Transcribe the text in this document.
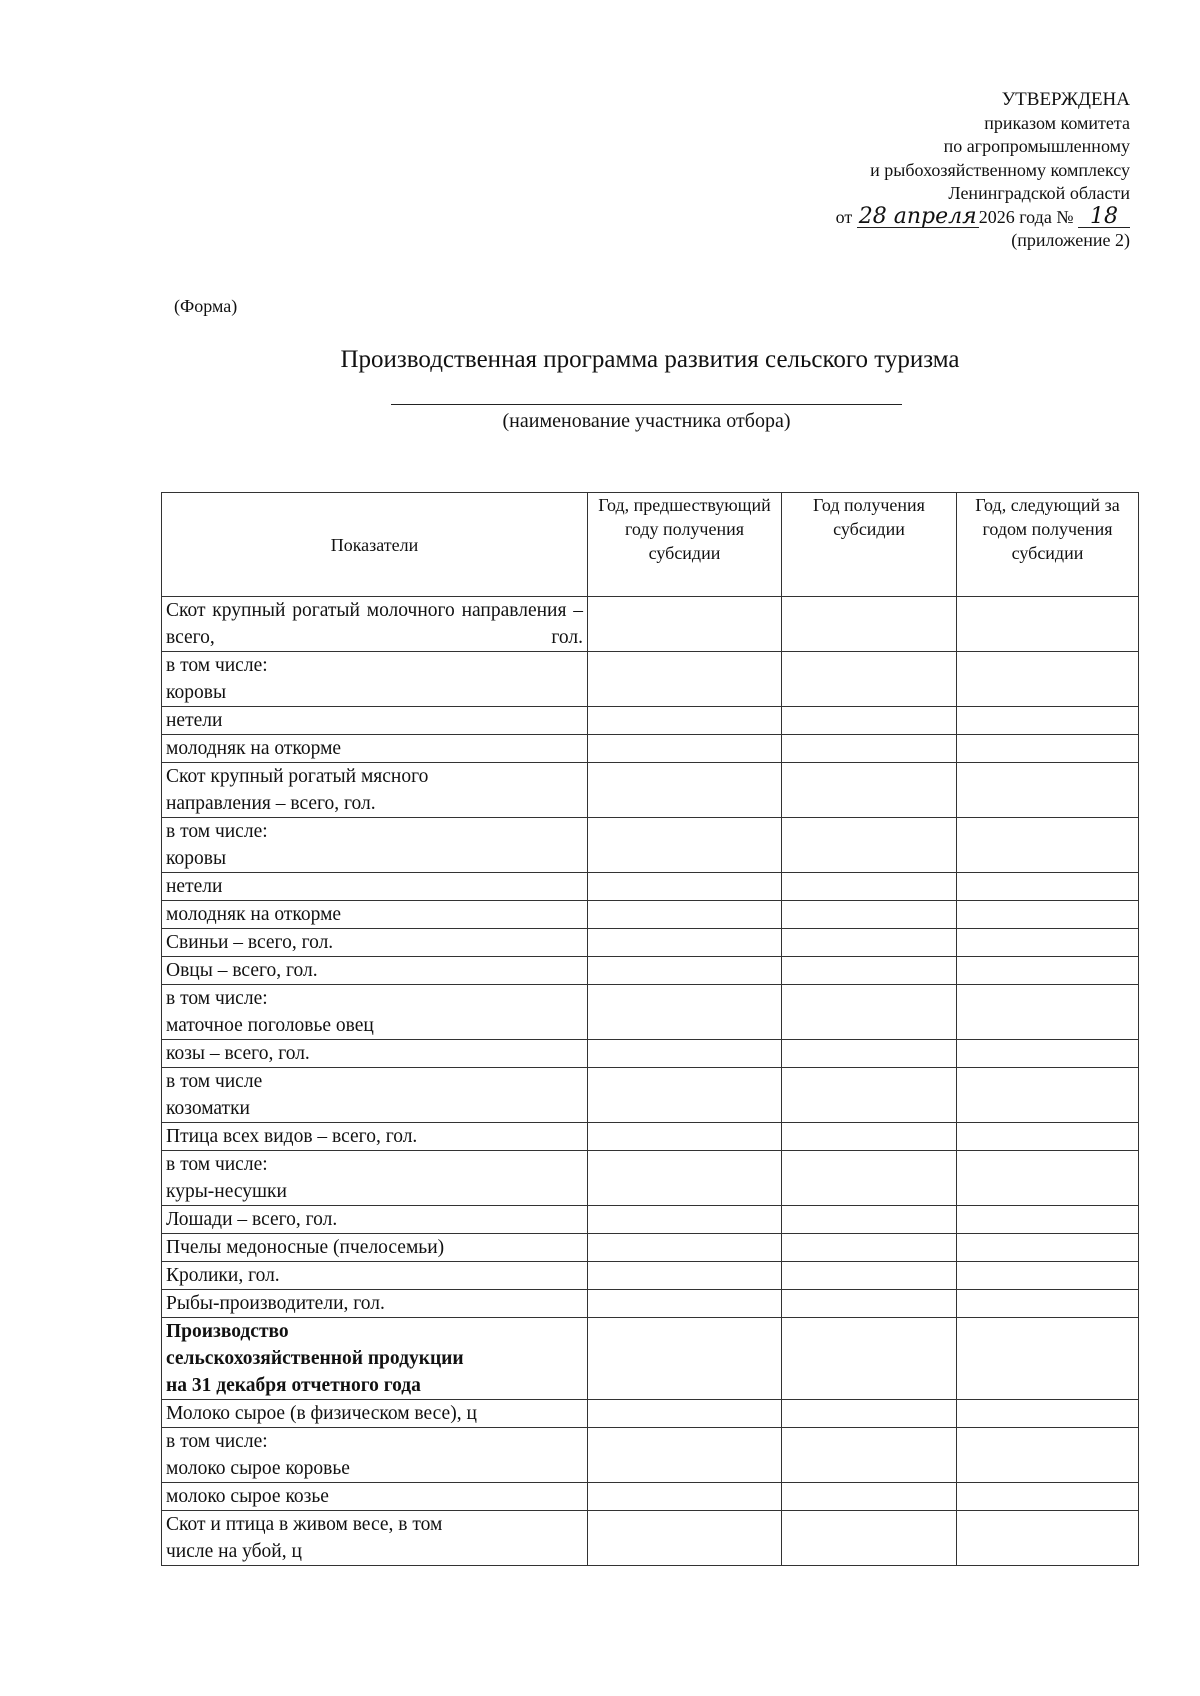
УТВЕРЖДЕНА
приказом комитета
по агропромышленному
и рыбохозяйственному комплексу
Ленинградской области
от 28 апреля 2026 года № 18
(приложение 2)
(Форма)
Производственная программа развития сельского туризма
(наименование участника отбора)
Показатели	Год, предшествующий году получения субсидии	Год получения субсидии	Год, следующий за годом получения субсидии

Скот крупный рогатый молочного направления – всего, гол.			

в том числе:
коровы			

нетели			

молодняк на откорме			

Скот крупный рогатый мясного
направления – всего, гол.			

в том числе:
коровы			

нетели			

молодняк на откорме			

Свиньи – всего, гол.			

Овцы – всего, гол.			

в том числе:
маточное поголовье овец			

козы – всего, гол.			

в том числе
козоматки			

Птица всех видов – всего, гол.			

в том числе:
куры-несушки			

Лошади – всего, гол.			

Пчелы медоносные (пчелосемьи)			

Кролики, гол.			

Рыбы-производители, гол.			

Производство
сельскохозяйственной продукции
на 31 декабря отчетного года			

Молоко сырое (в физическом весе), ц			

в том числе:
молоко сырое коровье			

молоко сырое козье			

Скот и птица в живом весе, в том
числе на убой, ц			
